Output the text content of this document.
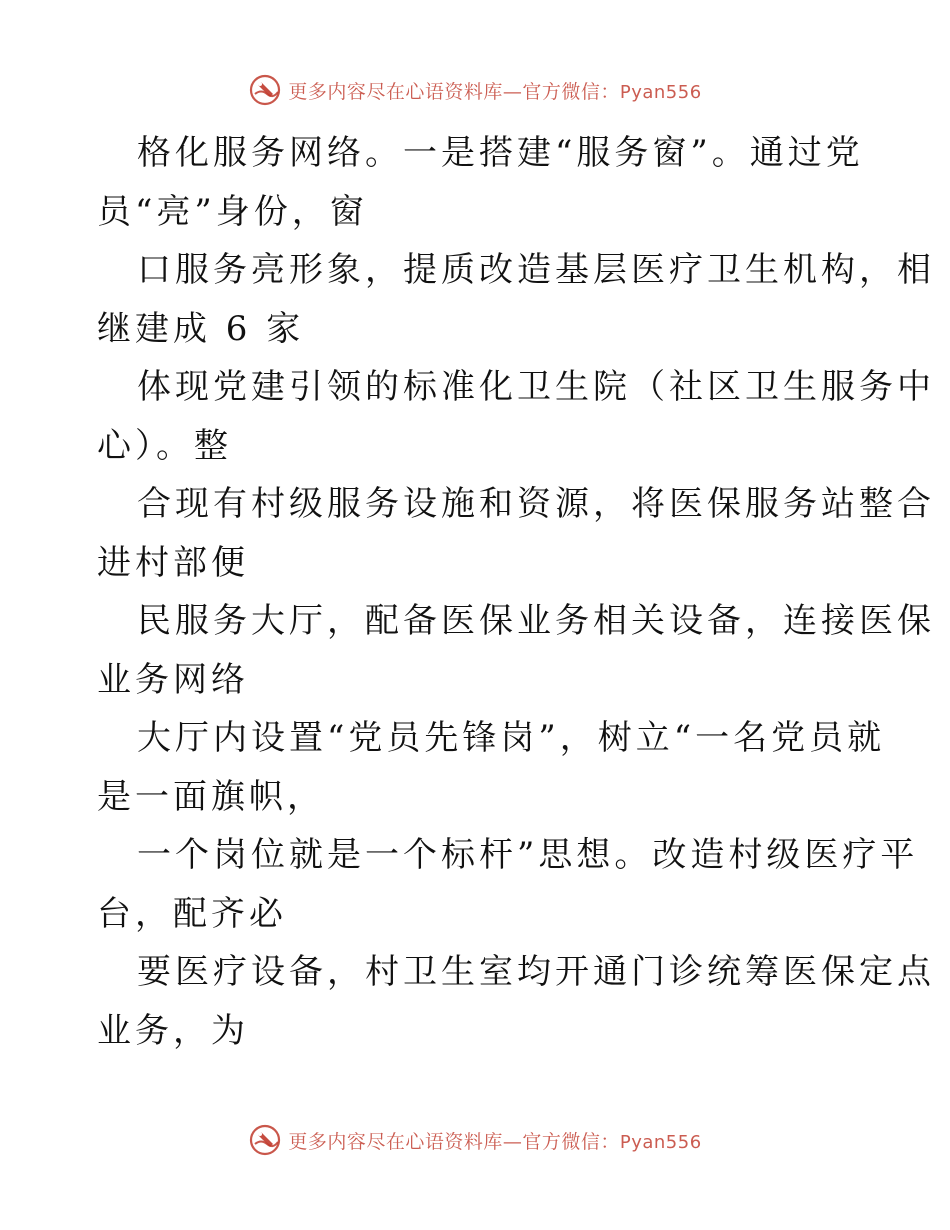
更多内容尽在心语资料库—官方微信：Pyan556
格化服务网络。一是搭建“服务窗”。通过党
员“亮”身份，窗
口服务亮形象，提质改造基层医疗卫生机构，相
继建成 6 家
体现党建引领的标准化卫生院（社区卫生服务中
心）。整
合现有村级服务设施和资源，将医保服务站整合
进村部便
民服务大厅，配备医保业务相关设备，连接医保
业务网络
大厅内设置“党员先锋岗”，树立“一名党员就
是一面旗帜，
一个岗位就是一个标杆”思想。改造村级医疗平
台，配齐必
要医疗设备，村卫生室均开通门诊统筹医保定点
业务，为
更多内容尽在心语资料库—官方微信：Pyan556
